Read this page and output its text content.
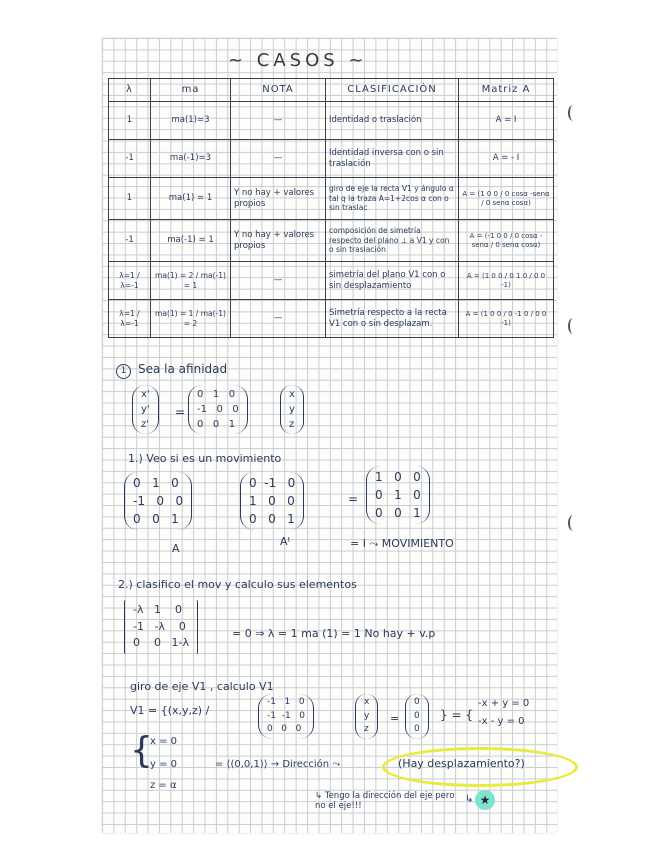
~ CASOS ~
λ	ma	NOTA	CLASIFICACIÓN	Matriz A
1	ma(1)=3	—	Identidad o traslación	A = I
-1	ma(-1)=3	—	Identidad inversa con o sin traslación	A = - I
1	ma(1) = 1	Y no hay + valores propios	giro de eje la recta V1 y ángulo α tal q la traza A=1+2cos α con o sin traslac	A = (1 0 0 / 0 cosα -senα / 0 senα cosα)
-1	ma(-1) = 1	Y no hay + valores propios	composición de simetría respecto del plano ⊥ a V1 y con o sin traslación	A = (-1 0 0 / 0 cosα -senα / 0 senα cosα)
λ=1 / λ=-1	ma(1) = 2 / ma(-1) = 1	—	simetría del plano V1 con o sin desplazamiento	A = (1 0 0 / 0 1 0 / 0 0 -1)
λ=1 / λ=-1	ma(1) = 1 / ma(-1) = 2	—	Simetría respecto a la recta V1 con o sin desplazam.	A = (1 0 0 / 0 -1 0 / 0 0 -1)
1 Sea la afinidad
x'
y'
z'
=
0   1   0
-1   0   0
0   0   1
x
y
z
1.) Veo si es un movimiento
0   1   0
-1   0   0
0   0   1
0  -1   0
1   0   0
0   0   1
=
1   0   0
0   1   0
0   0   1
A
Aᵗ	= I ⤳ MOVIMIENTO
2.) clasifico el mov y calculo sus elementos
-λ   1    0
-1   -λ    0
0    0   1-λ
= 0 ⇒ λ = 1 ma (1) = 1 No hay + v.p
giro de eje V1 , calculo V1
V1 = {(x,y,z) /
-1   1   0
-1  -1   0
0   0   0
x
y
z
=
0
0
0
} = {
-x + y = 0
-x - y = 0
{
x = 0
y = 0
z = α
= ⟨(0,0,1)⟩ → Dirección ⤳	(Hay desplazamiento?)
↳ Tengo la dirección del eje pero no el eje!!!
↳ ★
